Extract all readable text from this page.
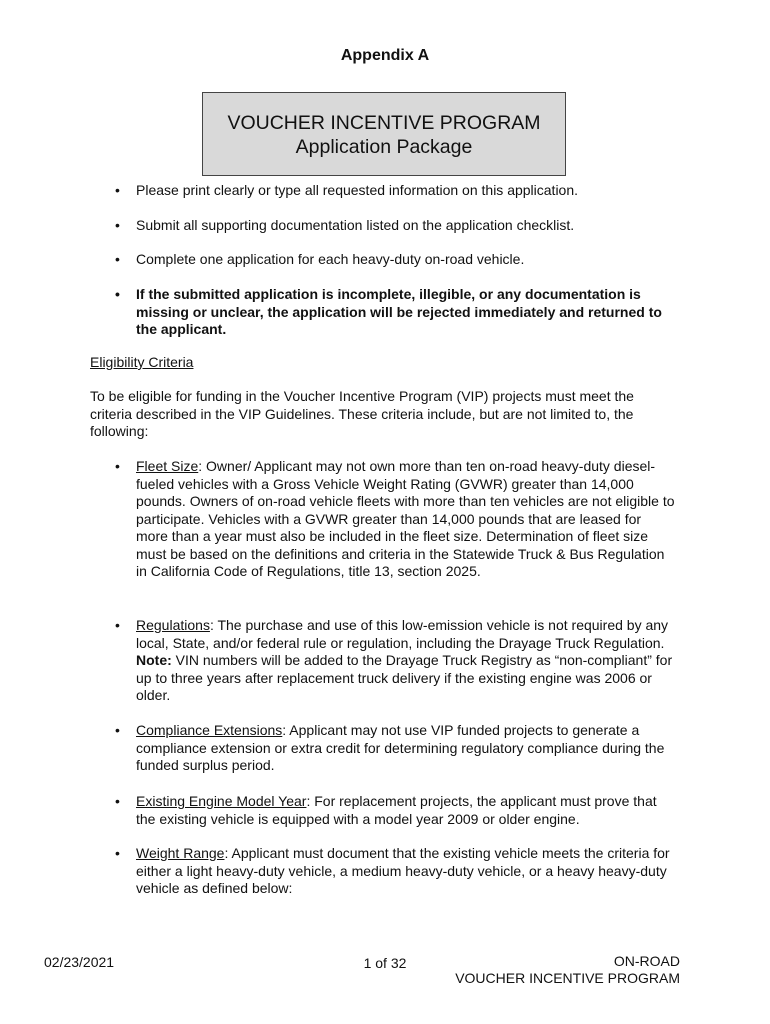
Appendix A
VOUCHER INCENTIVE PROGRAM
Application Package
• Please print clearly or type all requested information on this application.
• Submit all supporting documentation listed on the application checklist.
• Complete one application for each heavy-duty on-road vehicle.
• If the submitted application is incomplete, illegible, or any documentation is missing or unclear, the application will be rejected immediately and returned to the applicant.
Eligibility Criteria
To be eligible for funding in the Voucher Incentive Program (VIP) projects must meet the criteria described in the VIP Guidelines. These criteria include, but are not limited to, the following:
• Fleet Size: Owner/ Applicant may not own more than ten on-road heavy-duty diesel-fueled vehicles with a Gross Vehicle Weight Rating (GVWR) greater than 14,000 pounds. Owners of on-road vehicle fleets with more than ten vehicles are not eligible to participate. Vehicles with a GVWR greater than 14,000 pounds that are leased for more than a year must also be included in the fleet size. Determination of fleet size must be based on the definitions and criteria in the Statewide Truck & Bus Regulation in California Code of Regulations, title 13, section 2025.
• Regulations: The purchase and use of this low-emission vehicle is not required by any local, State, and/or federal rule or regulation, including the Drayage Truck Regulation. Note: VIN numbers will be added to the Drayage Truck Registry as “non-compliant” for up to three years after replacement truck delivery if the existing engine was 2006 or older.
• Compliance Extensions: Applicant may not use VIP funded projects to generate a compliance extension or extra credit for determining regulatory compliance during the funded surplus period.
• Existing Engine Model Year: For replacement projects, the applicant must prove that the existing vehicle is equipped with a model year 2009 or older engine.
• Weight Range: Applicant must document that the existing vehicle meets the criteria for either a light heavy-duty vehicle, a medium heavy-duty vehicle, or a heavy heavy-duty vehicle as defined below:
02/23/2021	1 of 32	ON-ROAD
VOUCHER INCENTIVE PROGRAM
